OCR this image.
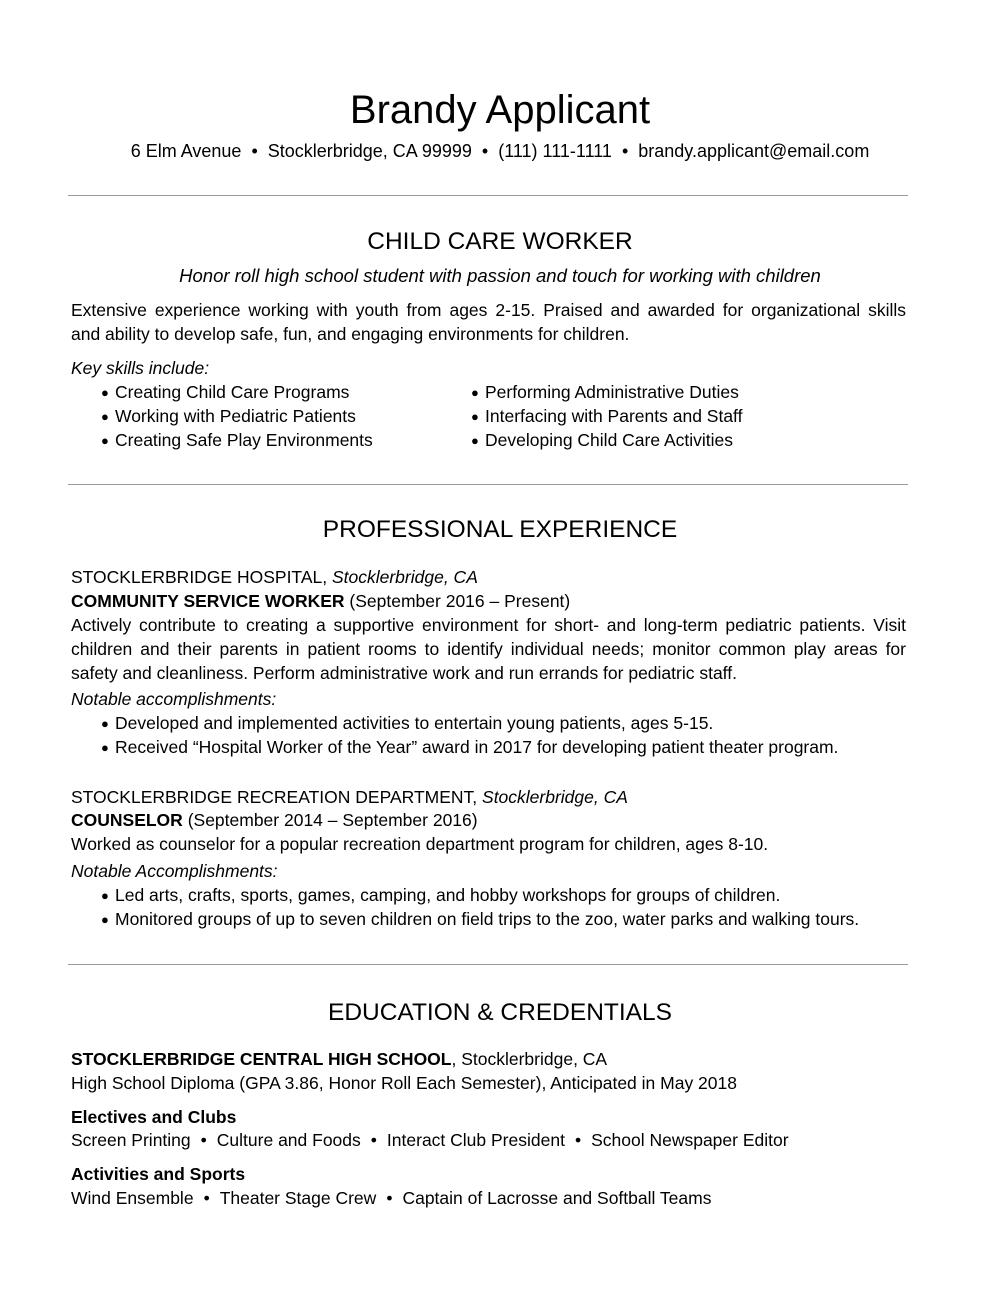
Brandy Applicant
6 Elm Avenue • Stocklerbridge, CA 99999 • (111) 111-1111 • brandy.applicant@email.com
CHILD CARE WORKER
Honor roll high school student with passion and touch for working with children
Extensive experience working with youth from ages 2-15. Praised and awarded for organizational skills
and ability to develop safe, fun, and engaging environments for children.
Key skills include:
● Creating Child Care Programs
● Working with Pediatric Patients
● Creating Safe Play Environments
● Performing Administrative Duties
● Interfacing with Parents and Staff
● Developing Child Care Activities
PROFESSIONAL EXPERIENCE
STOCKLERBRIDGE HOSPITAL, Stocklerbridge, CA
COMMUNITY SERVICE WORKER (September 2016 – Present)
Actively contribute to creating a supportive environment for short- and long-term pediatric patients. Visit
children and their parents in patient rooms to identify individual needs; monitor common play areas for
safety and cleanliness. Perform administrative work and run errands for pediatric staff.
Notable accomplishments:
● Developed and implemented activities to entertain young patients, ages 5-15.
● Received “Hospital Worker of the Year” award in 2017 for developing patient theater program.
STOCKLERBRIDGE RECREATION DEPARTMENT, Stocklerbridge, CA
COUNSELOR (September 2014 – September 2016)
Worked as counselor for a popular recreation department program for children, ages 8-10.
Notable Accomplishments:
● Led arts, crafts, sports, games, camping, and hobby workshops for groups of children.
● Monitored groups of up to seven children on field trips to the zoo, water parks and walking tours.
EDUCATION & CREDENTIALS
STOCKLERBRIDGE CENTRAL HIGH SCHOOL, Stocklerbridge, CA
High School Diploma (GPA 3.86, Honor Roll Each Semester), Anticipated in May 2018
Electives and Clubs
Screen Printing • Culture and Foods • Interact Club President • School Newspaper Editor
Activities and Sports
Wind Ensemble • Theater Stage Crew • Captain of Lacrosse and Softball Teams
